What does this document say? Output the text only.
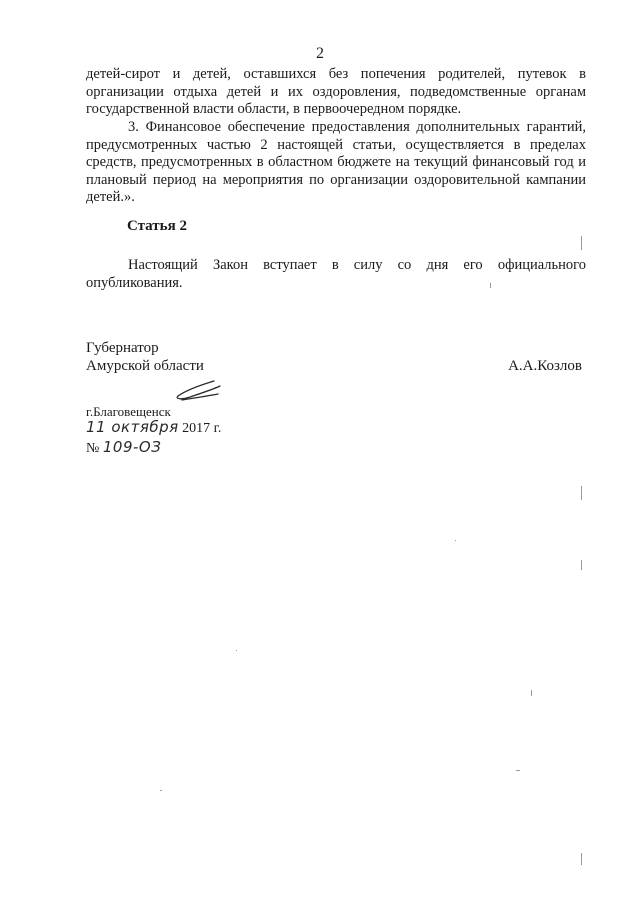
2
детей-сирот и детей, оставшихся без попечения родителей, путевок в организации отдыха детей и их оздоровления, подведомственные органам государственной власти области, в первоочередном порядке.
3. Финансовое обеспечение предоставления дополнительных гарантий, предусмотренных частью 2 настоящей статьи, осуществляется в пределах средств, предусмотренных в областном бюджете на текущий финансовый год и плановый период на мероприятия по организации оздоровительной кампании детей.».
Статья 2
Настоящий Закон вступает в силу со дня его официального опубликования.
Губернатор
Амурской области	А.А.Козлов
г.Благовещенск
11 октября 2017 г.
№ 109-ОЗ
